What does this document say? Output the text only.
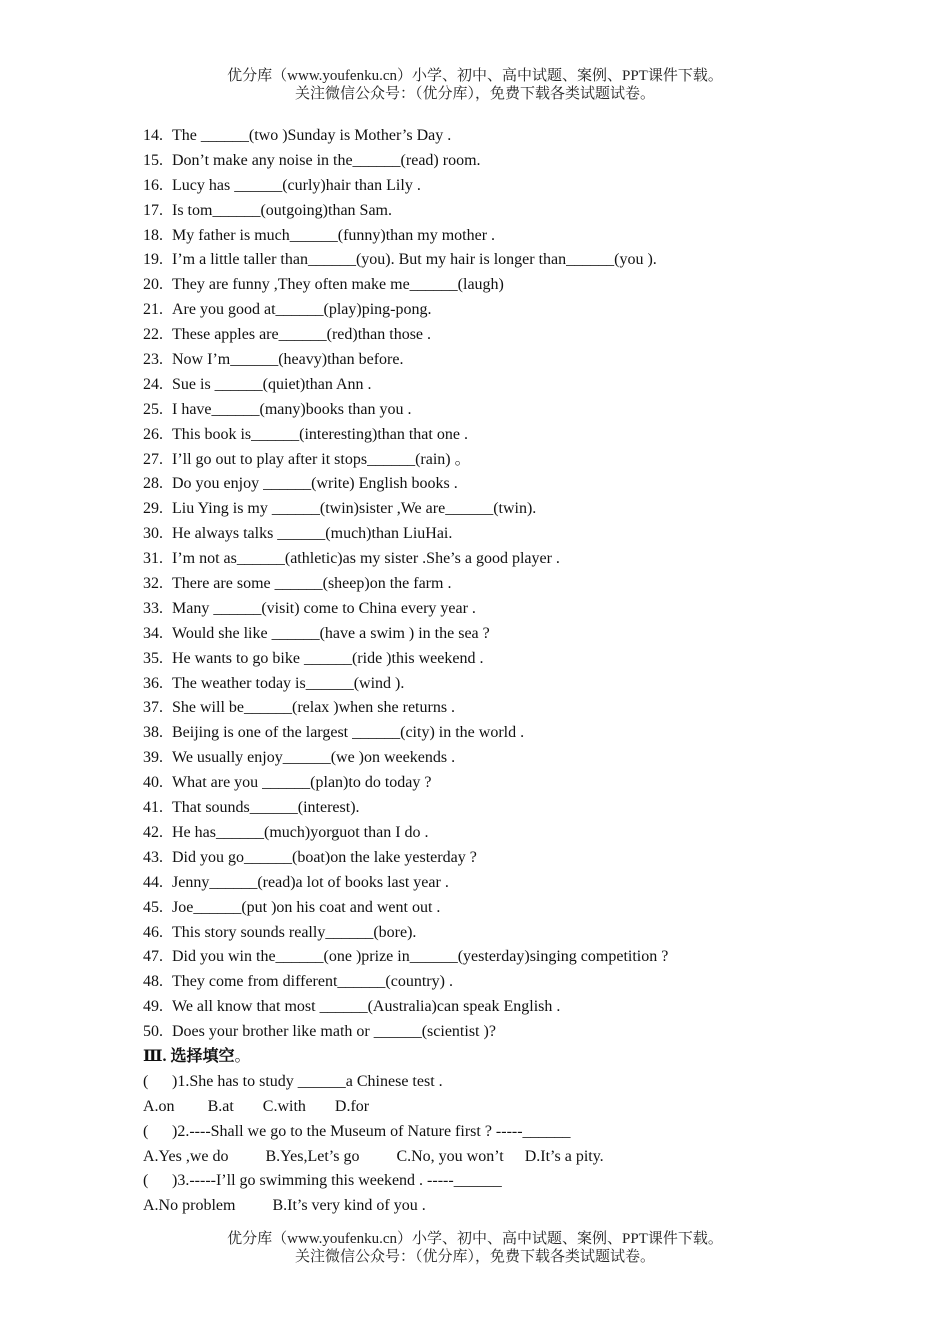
优分库（www.youfenku.cn）小学、初中、高中试题、案例、PPT课件下载。
关注微信公众号：（优分库），免费下载各类试题试卷。
14. The ______(two )Sunday is Mother’s Day .
15. Don’t make any noise in the______(read) room.
16. Lucy has ______(curly)hair than Lily .
17. Is tom______(outgoing)than Sam.
18. My father is much______(funny)than my mother .
19. I’m a little taller than______(you). But my hair is longer than______(you ).
20. They are funny ,They often make me______(laugh)
21. Are you good at______(play)ping-pong.
22. These apples are______(red)than those .
23. Now I’m______(heavy)than before.
24. Sue is ______(quiet)than Ann .
25. I have______(many)books than you .
26. This book is______(interesting)than that one .
27. I’ll go out to play after it stops______(rain) 。
28. Do you enjoy ______(write) English books .
29. Liu Ying is my ______(twin)sister ,We are______(twin).
30. He always talks ______(much)than LiuHai.
31. I’m not as______(athletic)as my sister .She’s a good player .
32. There are some ______(sheep)on the farm .
33. Many ______(visit) come to China every year .
34. Would she like ______(have a swim ) in the sea ?
35. He wants to go bike ______(ride )this weekend .
36. The weather today is______(wind ).
37. She will be______(relax )when she returns .
38. Beijing is one of the largest ______(city) in the world .
39. We usually enjoy______(we )on weekends .
40. What are you ______(plan)to do today ?
41. That sounds______(interest).
42. He has______(much)yorguot than I do .
43. Did you go______(boat)on the lake yesterday ?
44. Jenny______(read)a lot of books last year .
45. Joe______(put )on his coat and went out .
46. This story sounds really______(bore).
47. Did you win the______(one )prize in______(yesterday)singing competition ?
48. They come from different______(country) .
49. We all know that most ______(Australia)can speak English .
50. Does your brother like math or ______(scientist )?
Ⅲ. 选择填空。
( )1.She has to study ______a Chinese test .
A.on B.at C.with D.for
( )2.----Shall we go to the Museum of Nature first ? -----______
A.Yes ,we do B.Yes,Let’s go C.No, you won’t D.It’s a pity.
( )3.-----I’ll go swimming this weekend . -----______
A.No problem B.It’s very kind of you .
优分库（www.youfenku.cn）小学、初中、高中试题、案例、PPT课件下载。
关注微信公众号：（优分库），免费下载各类试题试卷。
